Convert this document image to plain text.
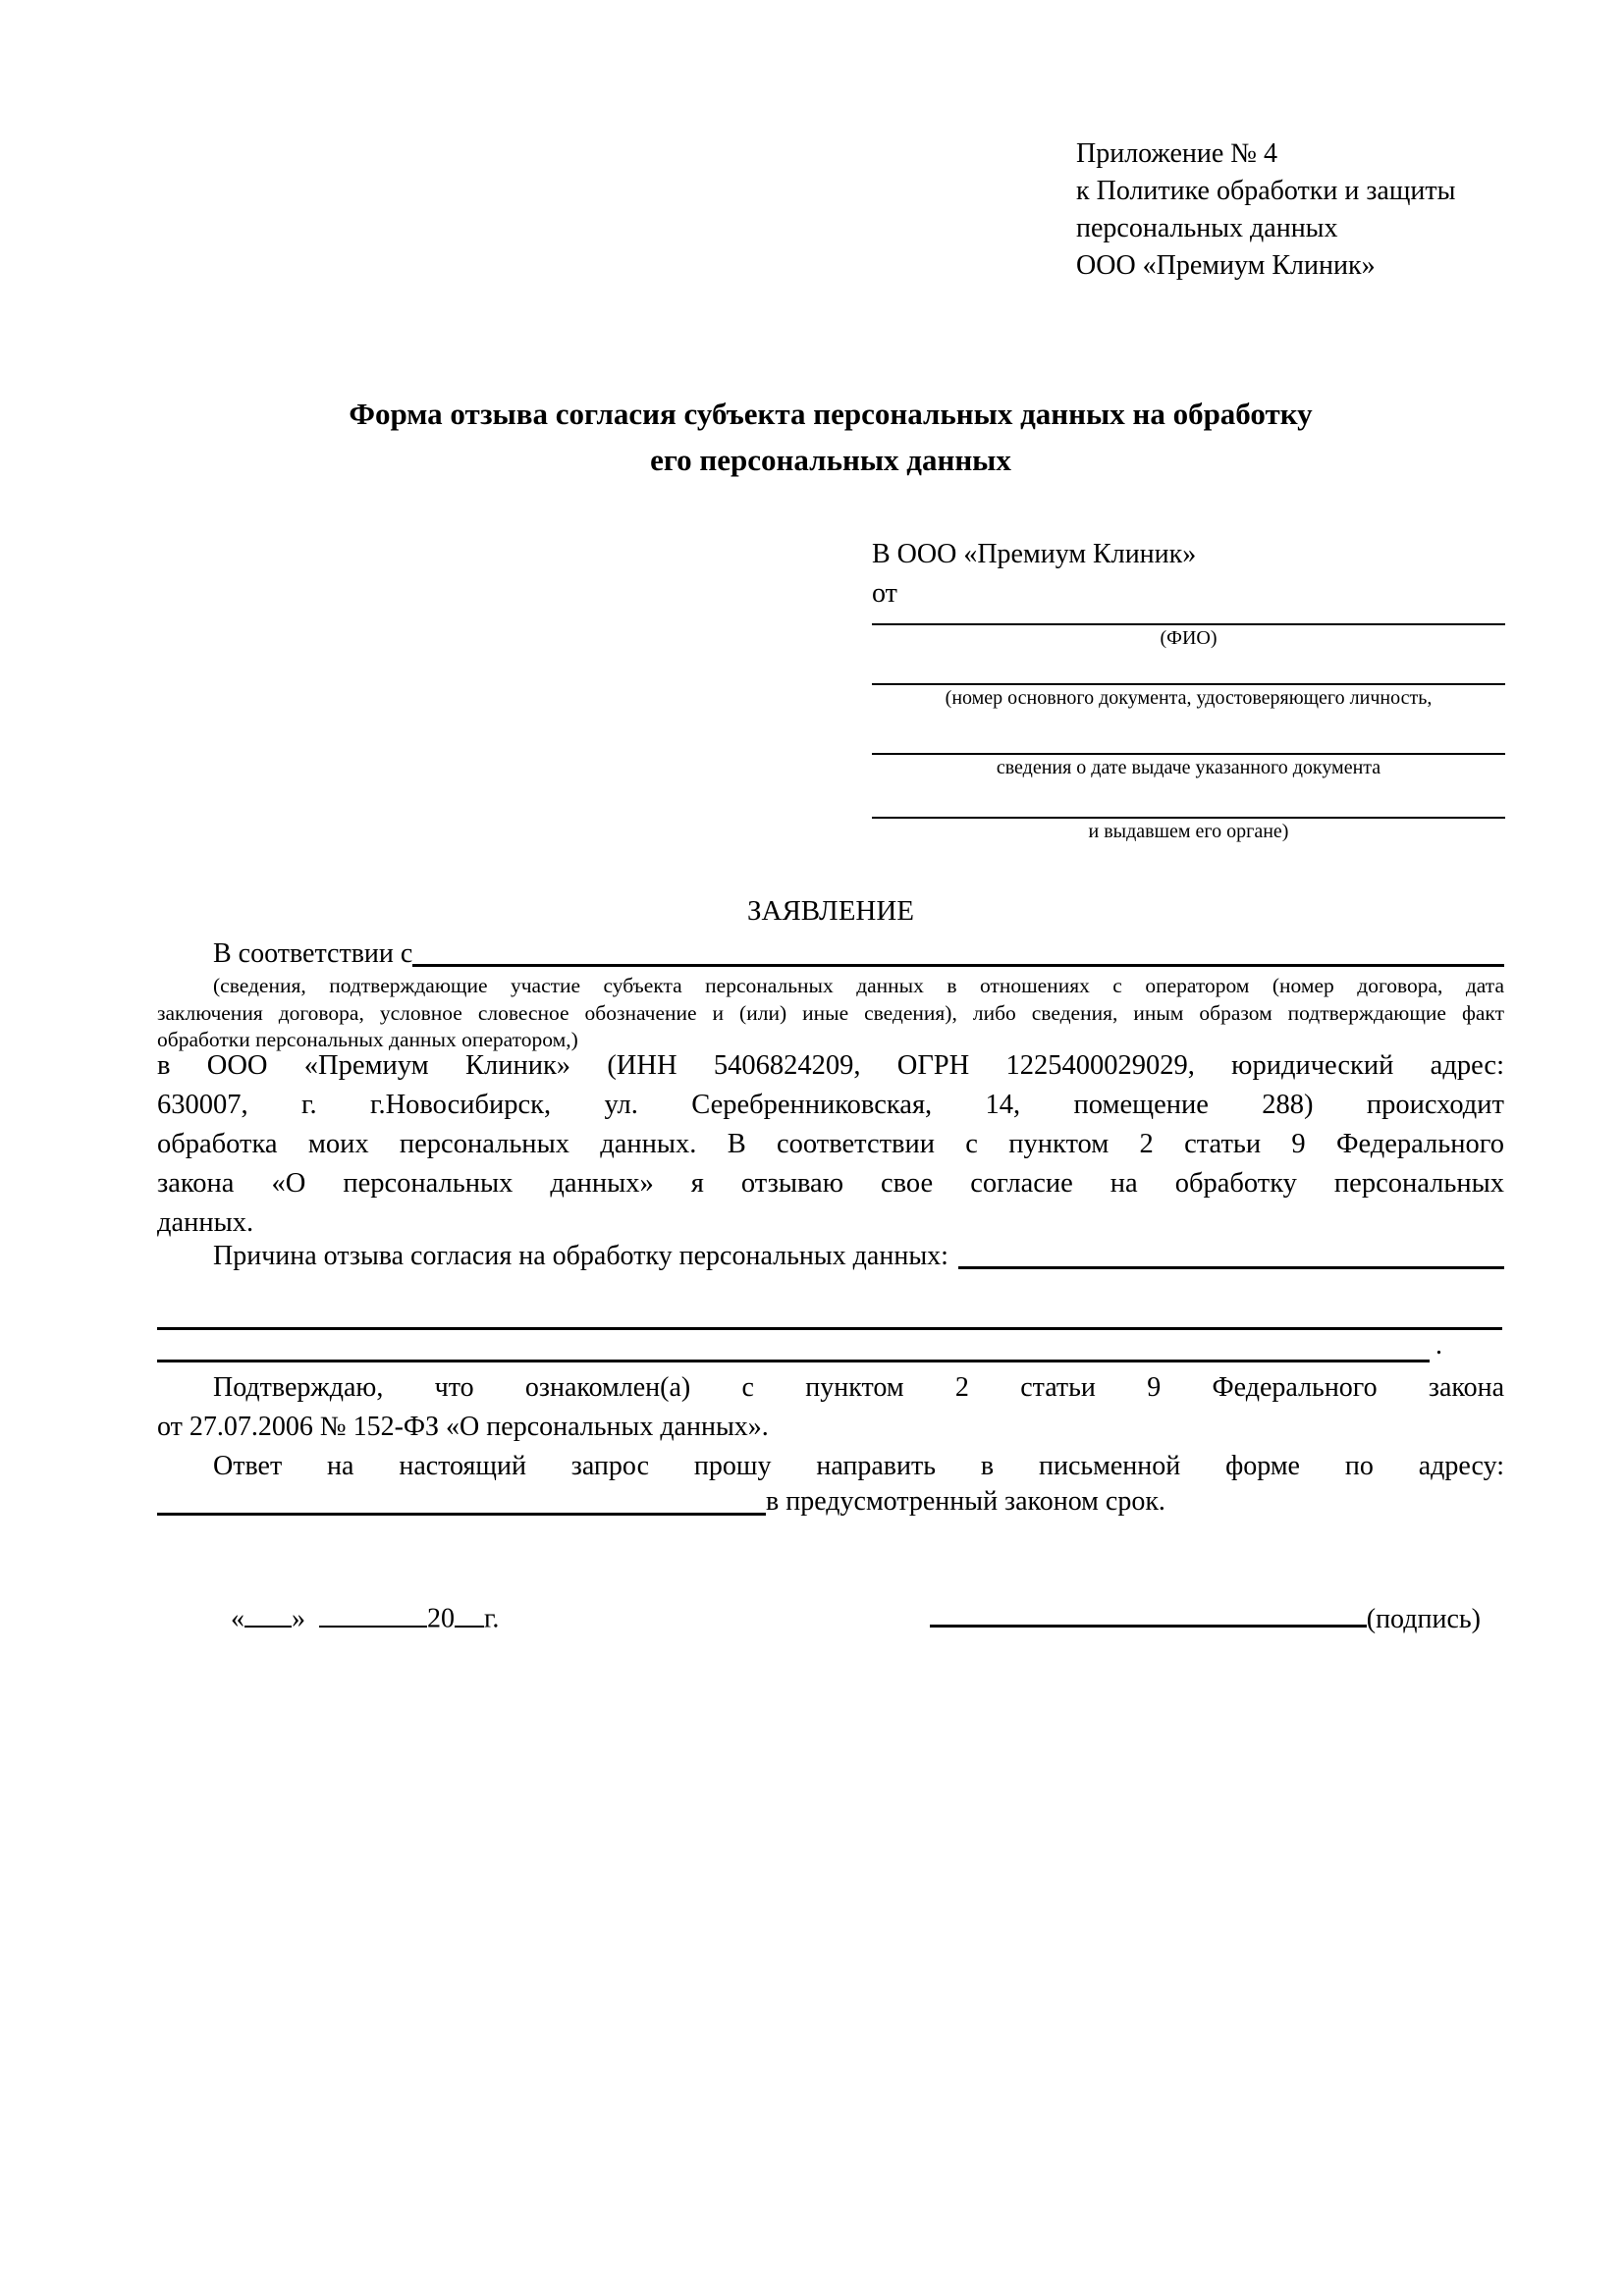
Приложение № 4
к Политике обработки и защиты
персональных данных
ООО «Премиум Клиник»
Форма отзыва согласия субъекта персональных данных на обработку
его персональных данных
В ООО «Премиум Клиник»
от
(ФИО)
(номер основного документа, удостоверяющего личность,
сведения о дате выдаче указанного документа
и выдавшем его органе)
ЗАЯВЛЕНИЕ
В соответствии с
(сведения, подтверждающие участие субъекта персональных данных в отношениях с оператором (номер договора, дата
заключения договора, условное словесное обозначение и (или) иные сведения), либо сведения, иным образом подтверждающие факт
обработки персональных данных оператором,)
в ООО «Премиум Клиник» (ИНН 5406824209, ОГРН 1225400029029, юридический адрес:
630007, г. г.Новосибирск, ул. Серебренниковская, 14, помещение 288) происходит
обработка моих персональных данных. В соответствии с пунктом 2 статьи 9 Федерального
закона «О персональных данных» я отзываю свое согласие на обработку персональных
данных.
Причина отзыва согласия на обработку персональных данных:
.
Подтверждаю, что ознакомлен(а) с пунктом 2 статьи 9 Федерального закона
от 27.07.2006 № 152-ФЗ «О персональных данных».
Ответ на настоящий запрос прошу направить в письменной форме по адресу:
в предусмотренный законом срок.
« »	20 г.	(подпись)
